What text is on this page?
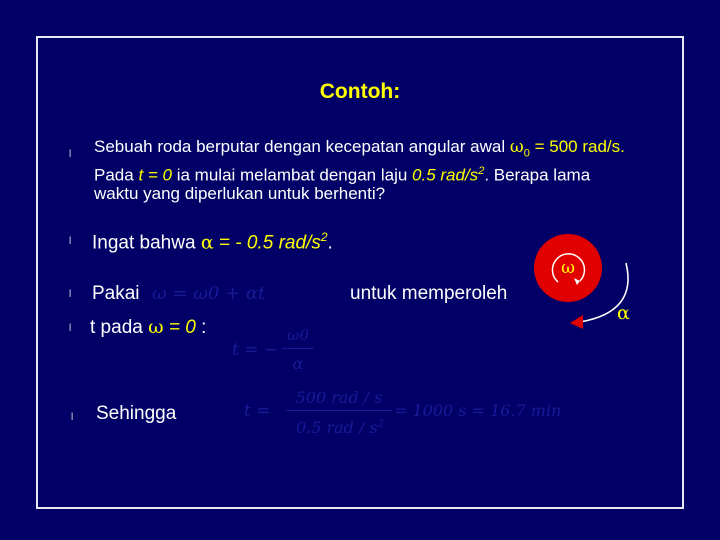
Contoh:
l Sebuah roda berputar dengan kecepatan angular awal $\omega_0 = 500$ rad/s.
Pada t = 0 ia mulai melambat dengan laju 0.5 rad/$s^2$. Berapa lama
waktu yang diperlukan untuk berhenti?
l Ingat bahwa α = - 0.5 rad/$s^2$.
l Pakai ω = ω0 + αt	untuk memperoleh
l t pada ω = 0 :
t = −
ω0
α
l Sehingga	t =
500 rad / s
0.5 rad / $s^2$
= 1000 s = 16.7 min
ω
α
